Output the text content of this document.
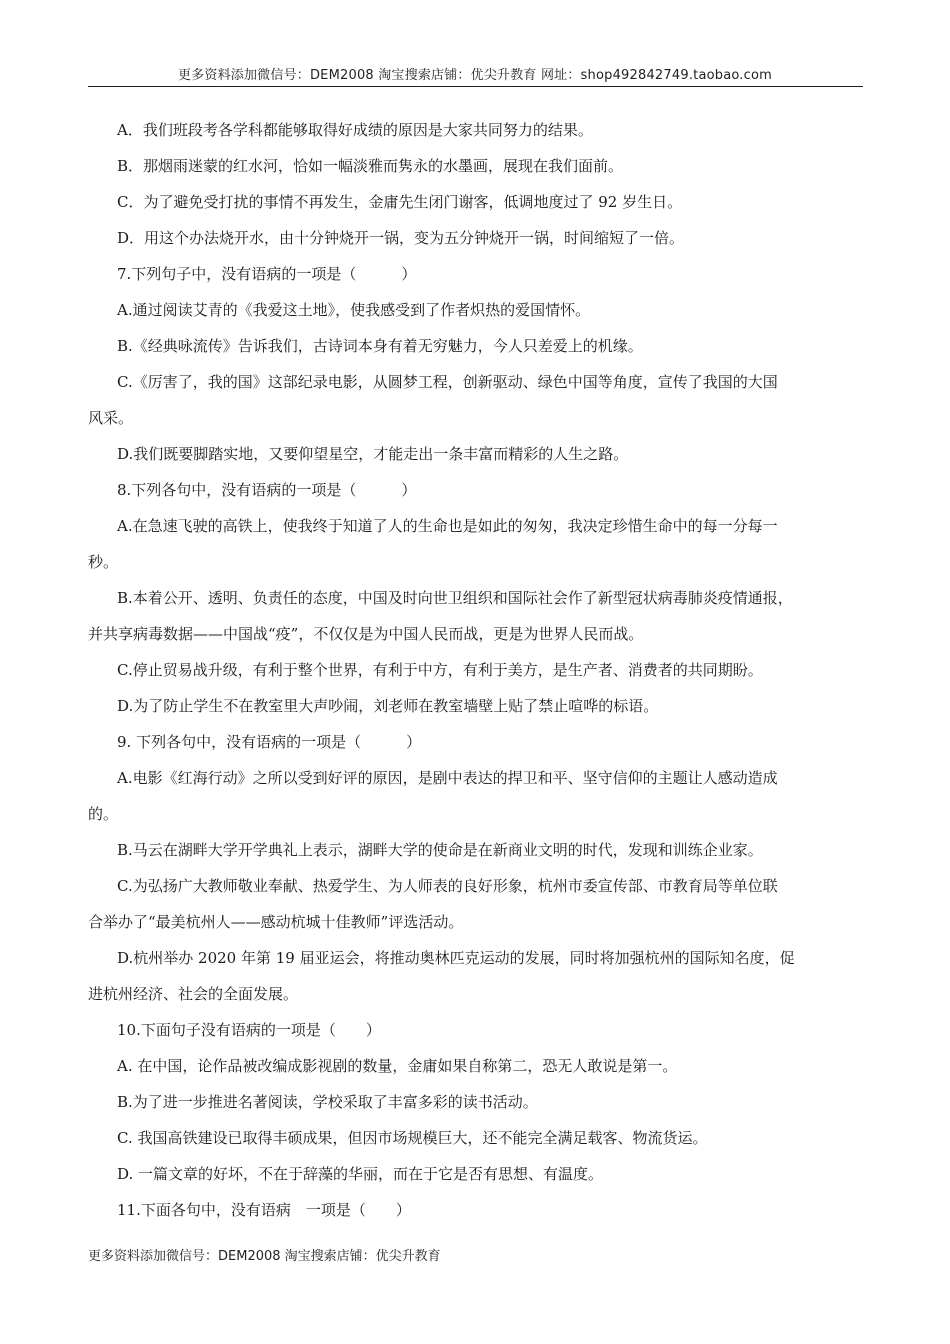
更多资料添加微信号：DEM2008 淘宝搜索店铺：优尖升教育 网址：shop492842749.taobao.com
A．我们班段考各学科都能够取得好成绩的原因是大家共同努力的结果。
B．那烟雨迷蒙的红水河，恰如一幅淡雅而隽永的水墨画，展现在我们面前。
C．为了避免受打扰的事情不再发生，金庸先生闭门谢客，低调地度过了 92 岁生日。
D．用这个办法烧开水，由十分钟烧开一锅，变为五分钟烧开一锅，时间缩短了一倍。
7.下列句子中，没有语病的一项是（　　　）
A.通过阅读艾青的《我爱这土地》，使我感受到了作者炽热的爱国情怀。
B.《经典咏流传》告诉我们，古诗词本身有着无穷魅力，今人只差爱上的机缘。
C.《厉害了，我的国》这部纪录电影，从圆梦工程，创新驱动、绿色中国等角度，宣传了我国的大国
风采。
D.我们既要脚踏实地，又要仰望星空，才能走出一条丰富而精彩的人生之路。
8.下列各句中，没有语病的一项是（　　　）
A.在急速飞驶的高铁上，使我终于知道了人的生命也是如此的匆匆，我决定珍惜生命中的每一分每一
秒。
B.本着公开、透明、负责任的态度，中国及时向世卫组织和国际社会作了新型冠状病毒肺炎疫情通报，
并共享病毒数据——中国战“疫”，不仅仅是为中国人民而战，更是为世界人民而战。
C.停止贸易战升级，有利于整个世界，有利于中方，有利于美方，是生产者、消费者的共同期盼。
D.为了防止学生不在教室里大声吵闹，刘老师在教室墙壁上贴了禁止喧哗的标语。
9. 下列各句中，没有语病的一项是（　　　）
A.电影《红海行动》之所以受到好评的原因，是剧中表达的捍卫和平、坚守信仰的主题让人感动造成
的。
B.马云在湖畔大学开学典礼上表示，湖畔大学的使命是在新商业文明的时代，发现和训练企业家。
C.为弘扬广大教师敬业奉献、热爱学生、为人师表的良好形象，杭州市委宣传部、市教育局等单位联
合举办了“最美杭州人——感动杭城十佳教师”评选活动。
D.杭州举办 2020 年第 19 届亚运会，将推动奥林匹克运动的发展，同时将加强杭州的国际知名度，促
进杭州经济、社会的全面发展。
10.下面句子没有语病的一项是（　　）
A. 在中国，论作品被改编成影视剧的数量，金庸如果自称第二，恐无人敢说是第一。
B.为了进一步推进名著阅读，学校采取了丰富多彩的读书活动。
C. 我国高铁建设已取得丰硕成果，但因市场规模巨大，还不能完全满足载客、物流货运。
D. 一篇文章的好坏，不在于辞藻的华丽，而在于它是否有思想、有温度。
11.下面各句中，没有语病　一项是（　　）
更多资料添加微信号：DEM2008 淘宝搜索店铺：优尖升教育
